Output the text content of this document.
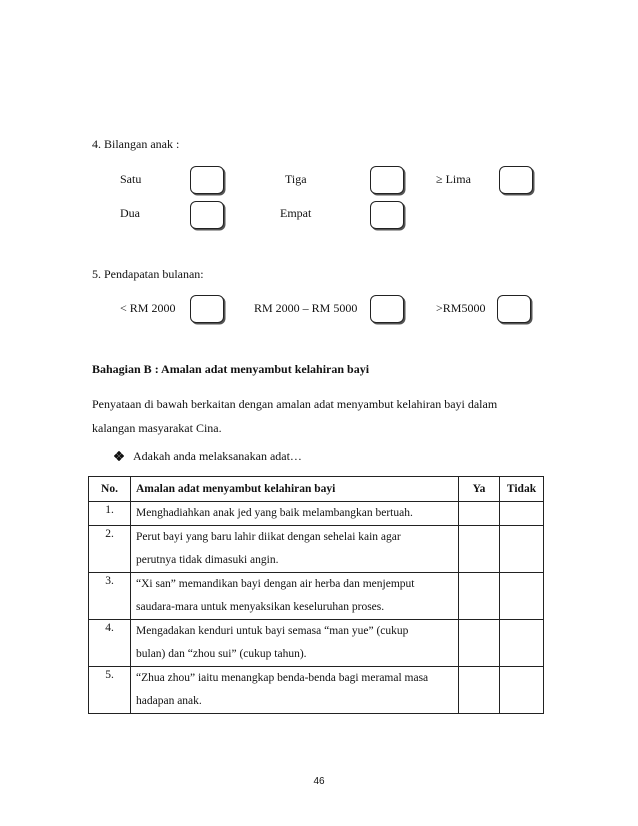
4. Bilangan anak :
Satu	Tiga	≥ Lima
Dua	Empat
5. Pendapatan bulanan:
< RM 2000	RM 2000 – RM 5000	>RM5000
Bahagian B : Amalan adat menyambut kelahiran bayi
Penyataan di bawah berkaitan dengan amalan adat menyambut kelahiran bayi dalam
kalangan masyarakat Cina.
Adakah anda melaksanakan adat…
No.	Amalan adat menyambut kelahiran bayi	Ya	Tidak
1.	Menghadiahkan anak jed yang baik melambangkan bertuah.		

2.	Perut bayi yang baru lahir diikat dengan sehelai kain agar
perutnya tidak dimasuki angin.		

3.	“Xi san” memandikan bayi dengan air herba dan menjemput
saudara-mara untuk menyaksikan keseluruhan proses.		

4.	Mengadakan kenduri untuk bayi semasa “man yue” (cukup
bulan) dan “zhou sui” (cukup tahun).		

5.	“Zhua zhou” iaitu menangkap benda-benda bagi meramal masa
hadapan anak.		

46
